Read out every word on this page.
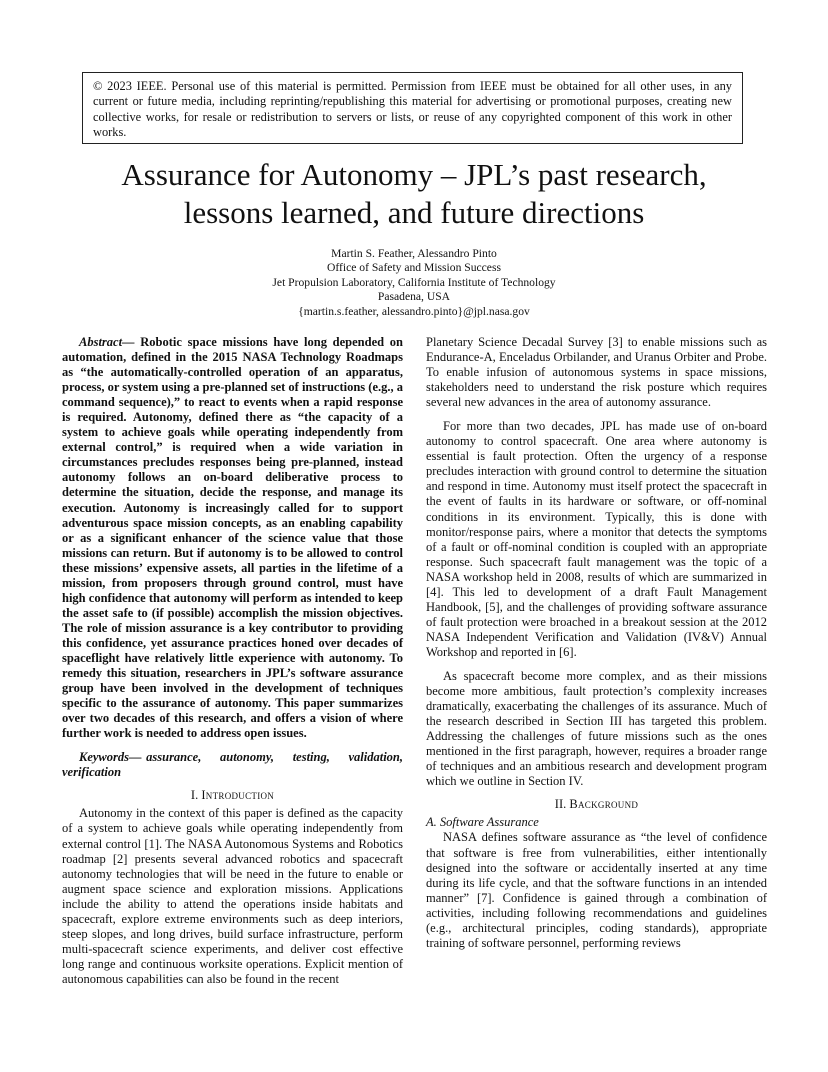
© 2023 IEEE. Personal use of this material is permitted. Permission from IEEE must be obtained for all other uses, in any current or future media, including reprinting/republishing this material for advertising or promotional purposes, creating new collective works, for resale or redistribution to servers or lists, or reuse of any copyrighted component of this work in other works.
Assurance for Autonomy – JPL’s past research,
lessons learned, and future directions
Martin S. Feather, Alessandro Pinto
Office of Safety and Mission Success
Jet Propulsion Laboratory, California Institute of Technology
Pasadena, USA
{martin.s.feather, alessandro.pinto}@jpl.nasa.gov

Abstract— Robotic space missions have long depended on automation, defined in the 2015 NASA Technology Roadmaps as “the automatically-controlled operation of an apparatus, process, or system using a pre-planned set of instructions (e.g., a command sequence),” to react to events when a rapid response is required. Autonomy, defined there as “the capacity of a system to achieve goals while operating independently from external control,” is required when a wide variation in circumstances precludes responses being pre-planned, instead autonomy follows an on-board deliberative process to determine the situation, decide the response, and manage its execution. Autonomy is increasingly called for to support adventurous space mission concepts, as an enabling capability or as a significant enhancer of the science value that those missions can return. But if autonomy is to be allowed to control these missions’ expensive assets, all parties in the lifetime of a mission, from proposers through ground control, must have high confidence that autonomy will perform as intended to keep the asset safe to (if possible) accomplish the mission objectives. The role of mission assurance is a key contributor to providing this confidence, yet assurance practices honed over decades of spaceflight have relatively little experience with autonomy. To remedy this situation, researchers in JPL’s software assurance group have been involved in the development of techniques specific to the assurance of autonomy. This paper summarizes over two decades of this research, and offers a vision of where further work is needed to address open issues.

Keywords— assurance, autonomy, testing, validation, verification

I. Introduction

Autonomy in the context of this paper is defined as the capacity of a system to achieve goals while operating independently from external control [1]. The NASA Autonomous Systems and Robotics roadmap [2] presents several advanced robotics and spacecraft autonomy technologies that will be need in the future to enable or augment space science and exploration missions. Applications include the ability to attend the operations inside habitats and spacecraft, explore extreme environments such as deep interiors, steep slopes, and long drives, build surface infrastructure, perform multi-spacecraft science experiments, and deliver cost effective long range and continuous worksite operations. Explicit mention of autonomous capabilities can also be found in the recent

Planetary Science Decadal Survey [3] to enable missions such as Endurance-A, Enceladus Orbilander, and Uranus Orbiter and Probe. To enable infusion of autonomous systems in space missions, stakeholders need to understand the risk posture which requires several new advances in the area of autonomy assurance.

For more than two decades, JPL has made use of on-board autonomy to control spacecraft. One area where autonomy is essential is fault protection. Often the urgency of a response precludes interaction with ground control to determine the situation and respond in time. Autonomy must itself protect the spacecraft in the event of faults in its hardware or software, or off-nominal conditions in its environment. Typically, this is done with monitor/response pairs, where a monitor that detects the symptoms of a fault or off-nominal condition is coupled with an appropriate response. Such spacecraft fault management was the topic of a NASA workshop held in 2008, results of which are summarized in [4]. This led to development of a draft Fault Management Handbook, [5], and the challenges of providing software assurance of fault protection were broached in a breakout session at the 2012 NASA Independent Verification and Validation (IV&V) Annual Workshop and reported in [6].

As spacecraft become more complex, and as their missions become more ambitious, fault protection’s complexity increases dramatically, exacerbating the challenges of its assurance. Much of the research described in Section III has targeted this problem. Addressing the challenges of future missions such as the ones mentioned in the first paragraph, however, requires a broader range of techniques and an ambitious research and development program which we outline in Section IV.

II. Background

A. Software Assurance

NASA defines software assurance as “the level of confidence that software is free from vulnerabilities, either intentionally designed into the software or accidentally inserted at any time during its life cycle, and that the software functions in an intended manner” [7]. Confidence is gained through a combination of activities, including following recommendations and guidelines (e.g., architectural principles, coding standards), appropriate training of software personnel, performing reviews
